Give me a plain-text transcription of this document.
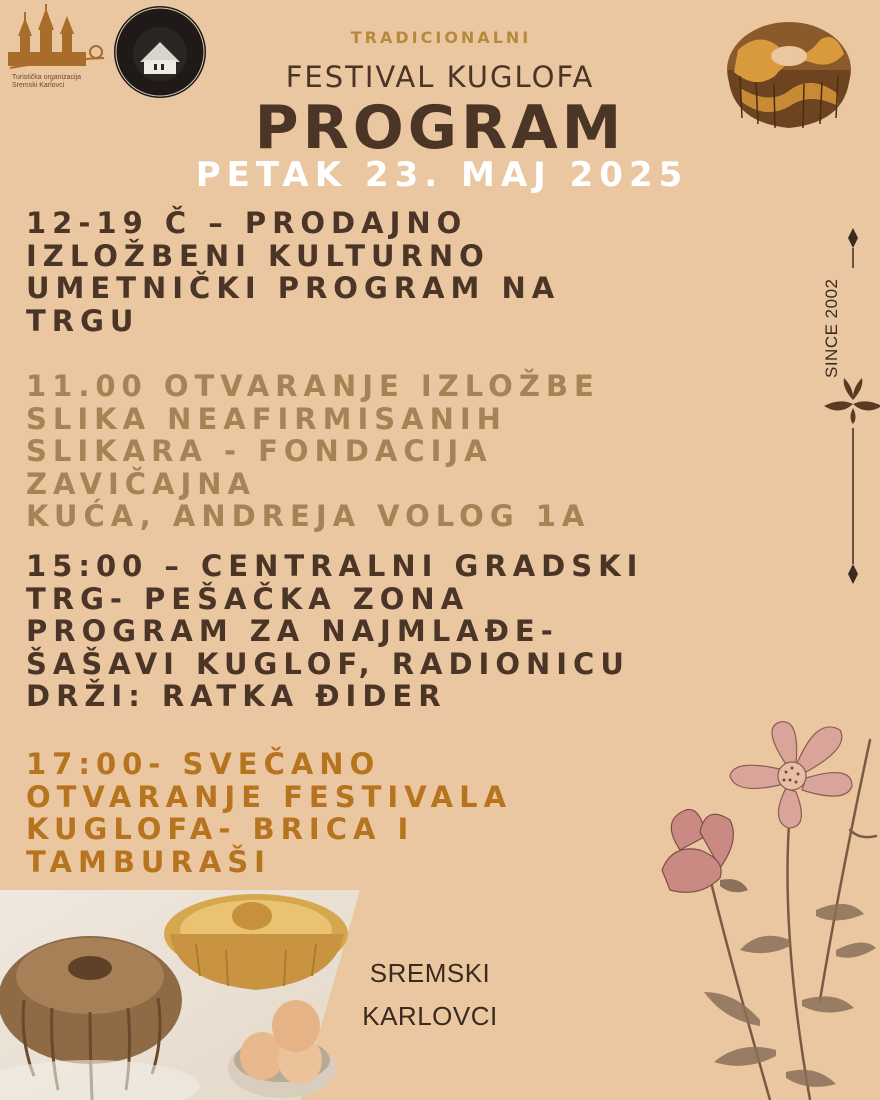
Turistička organizacija Sremski Karlovci
TRADICIONALNI
FESTIVAL KUGLOFA
PROGRAM
PETAK 23. MAJ 2025
12-19 Č – PRODAJNO
IZLOŽBENI KULTURNO
UMETNIČKI PROGRAM NA
TRGU
11.00 OTVARANJE IZLOŽBE
SLIKA NEAFIRMISANIH
SLIKARA - FONDACIJA
ZAVIČAJNA
KUĆA, ANDREJA VOLOG 1A
15:00 – CENTRALNI GRADSKI
TRG- PEŠAČKA ZONA
PROGRAM ZA NAJMLAĐE-
ŠAŠAVI KUGLOF, RADIONICU
DRŽI: RATKA ĐIDER
17:00- SVEČANO
OTVARANJE FESTIVALA
KUGLOFA- BRICA I
TAMBURAŠI
SINCE 2002
SREMSKI
KARLOVCI
